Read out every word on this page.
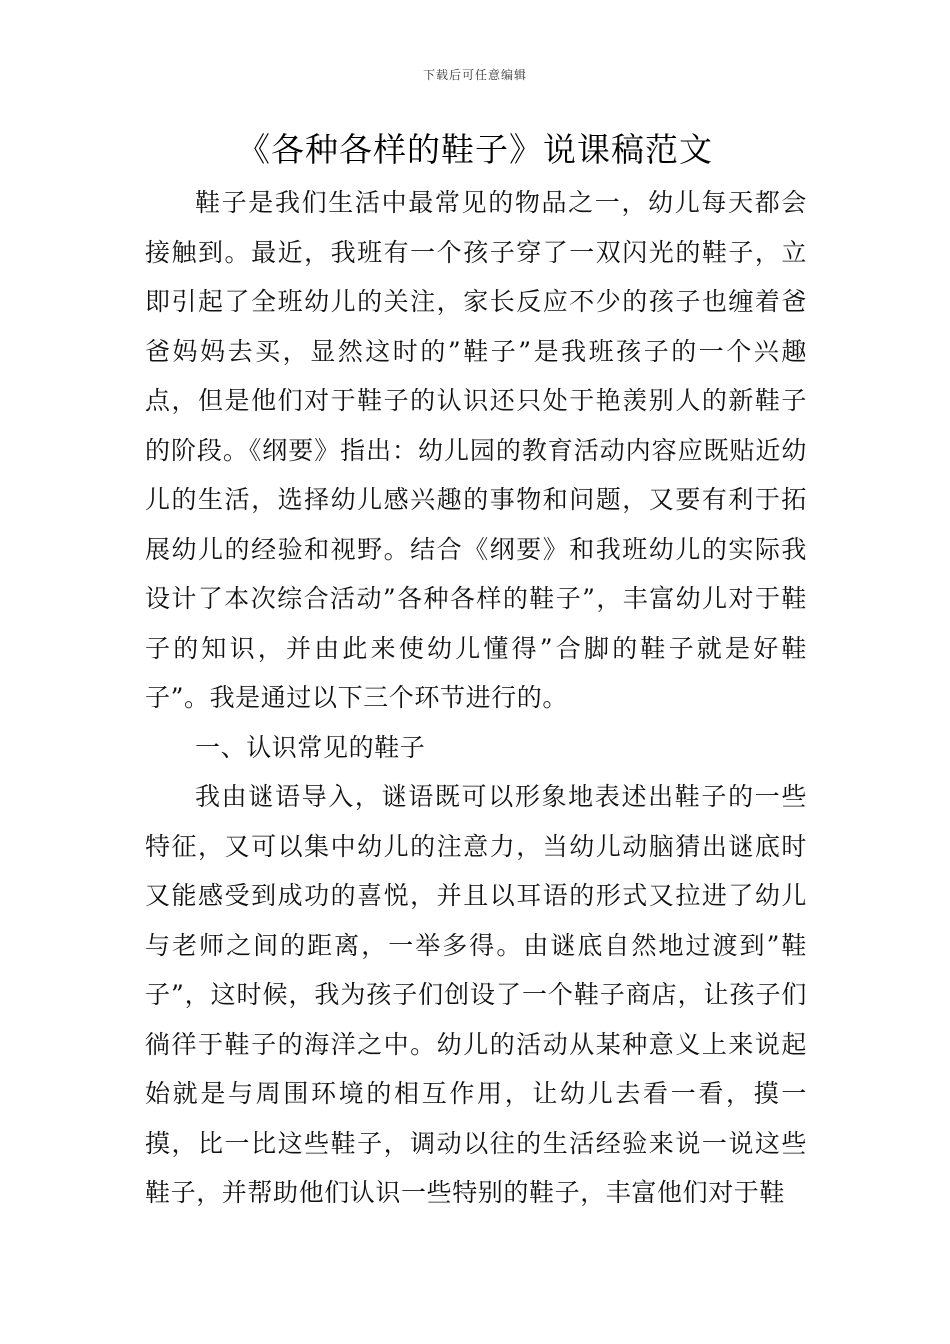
下载后可任意编辑
《各种各样的鞋子》说课稿范文

鞋子是我们生活中最常见的物品之一，幼儿每天都会接触到。最近，我班有一个孩子穿了一双闪光的鞋子，立即引起了全班幼儿的关注，家长反应不少的孩子也缠着爸爸妈妈去买，显然这时的”鞋子”是我班孩子的一个兴趣点，但是他们对于鞋子的认识还只处于艳羡别人的新鞋子的阶段。《纲要》指出：幼儿园的教育活动内容应既贴近幼儿的生活，选择幼儿感兴趣的事物和问题，又要有利于拓展幼儿的经验和视野。结合《纲要》和我班幼儿的实际我设计了本次综合活动”各种各样的鞋子”，丰富幼儿对于鞋子的知识，并由此来使幼儿懂得”合脚的鞋子就是好鞋子”。我是通过以下三个环节进行的。

一、认识常见的鞋子

我由谜语导入，谜语既可以形象地表述出鞋子的一些特征，又可以集中幼儿的注意力，当幼儿动脑猜出谜底时又能感受到成功的喜悦，并且以耳语的形式又拉进了幼儿与老师之间的距离，一举多得。由谜底自然地过渡到”鞋子”，这时候，我为孩子们创设了一个鞋子商店，让孩子们徜徉于鞋子的海洋之中。幼儿的活动从某种意义上来说起始就是与周围环境的相互作用，让幼儿去看一看，摸一摸，比一比这些鞋子，调动以往的生活经验来说一说这些鞋子，并帮助他们认识一些特别的鞋子，丰富他们对于鞋
